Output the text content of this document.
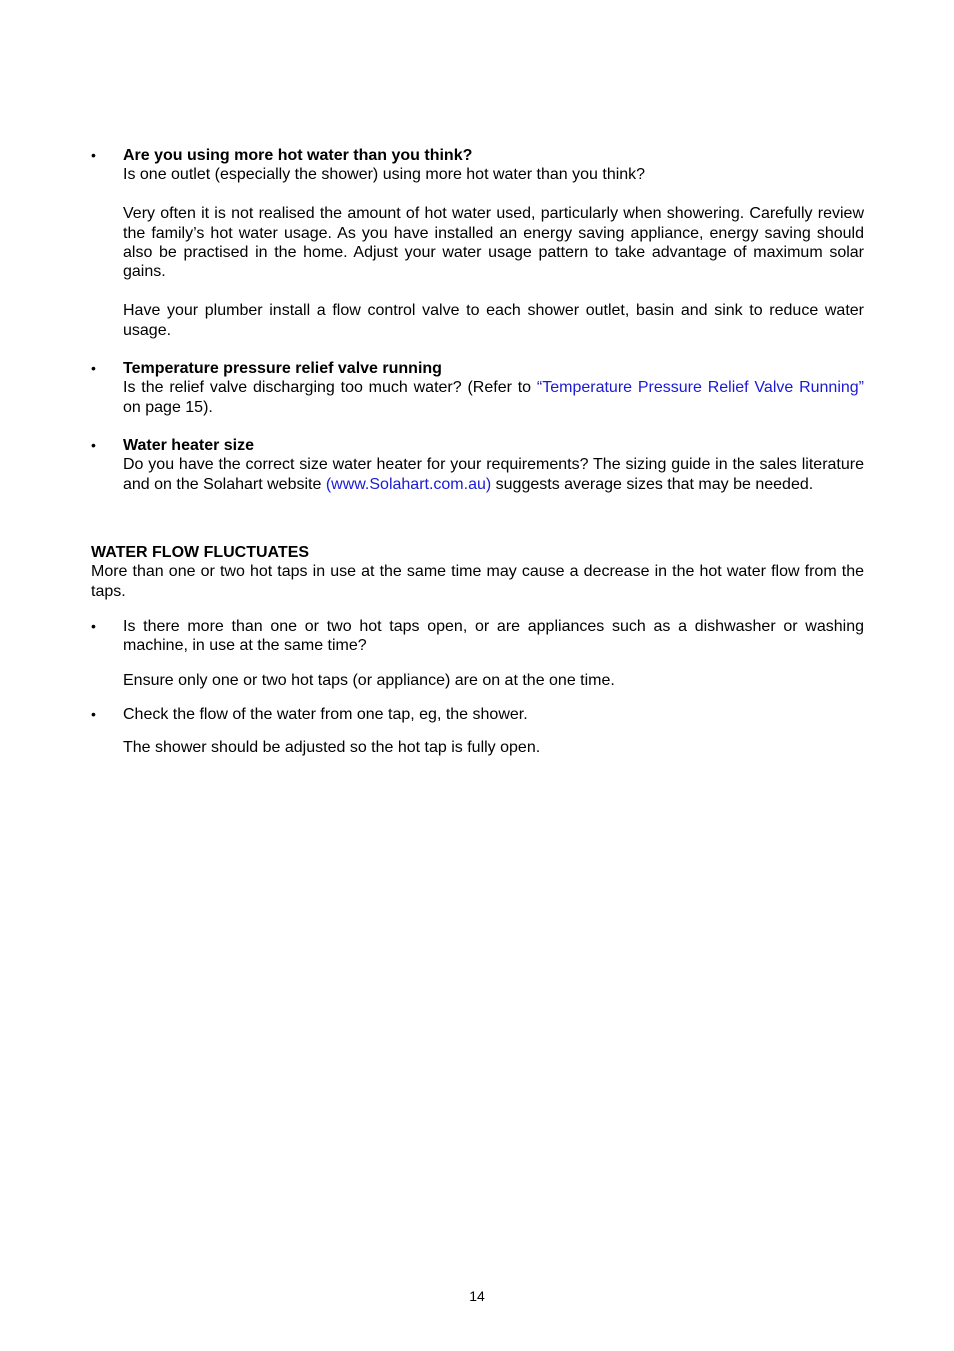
•	Are you using more hot water than you think?

Is one outlet (especially the shower) using more hot water than you think?

Very often it is not realised the amount of hot water used, particularly when showering. Carefully review the family’s hot water usage. As you have installed an energy saving appliance, energy saving should also be practised in the home. Adjust your water usage pattern to take advantage of maximum solar gains.

Have your plumber install a flow control valve to each shower outlet, basin and sink to reduce water usage.

•	Temperature pressure relief valve running

Is the relief valve discharging too much water? (Refer to “Temperature Pressure Relief Valve Running” on page 15).

•	Water heater size

Do you have the correct size water heater for your requirements? The sizing guide in the sales literature and on the Solahart website (www.Solahart.com.au) suggests average sizes that may be needed.

WATER FLOW FLUCTUATES

More than one or two hot taps in use at the same time may cause a decrease in the hot water flow from the taps.

•	Is there more than one or two hot taps open, or are appliances such as a dishwasher or washing machine, in use at the same time?

Ensure only one or two hot taps (or appliance) are on at the one time.

•	Check the flow of the water from one tap, eg, the shower.

The shower should be adjusted so the hot tap is fully open.

14
